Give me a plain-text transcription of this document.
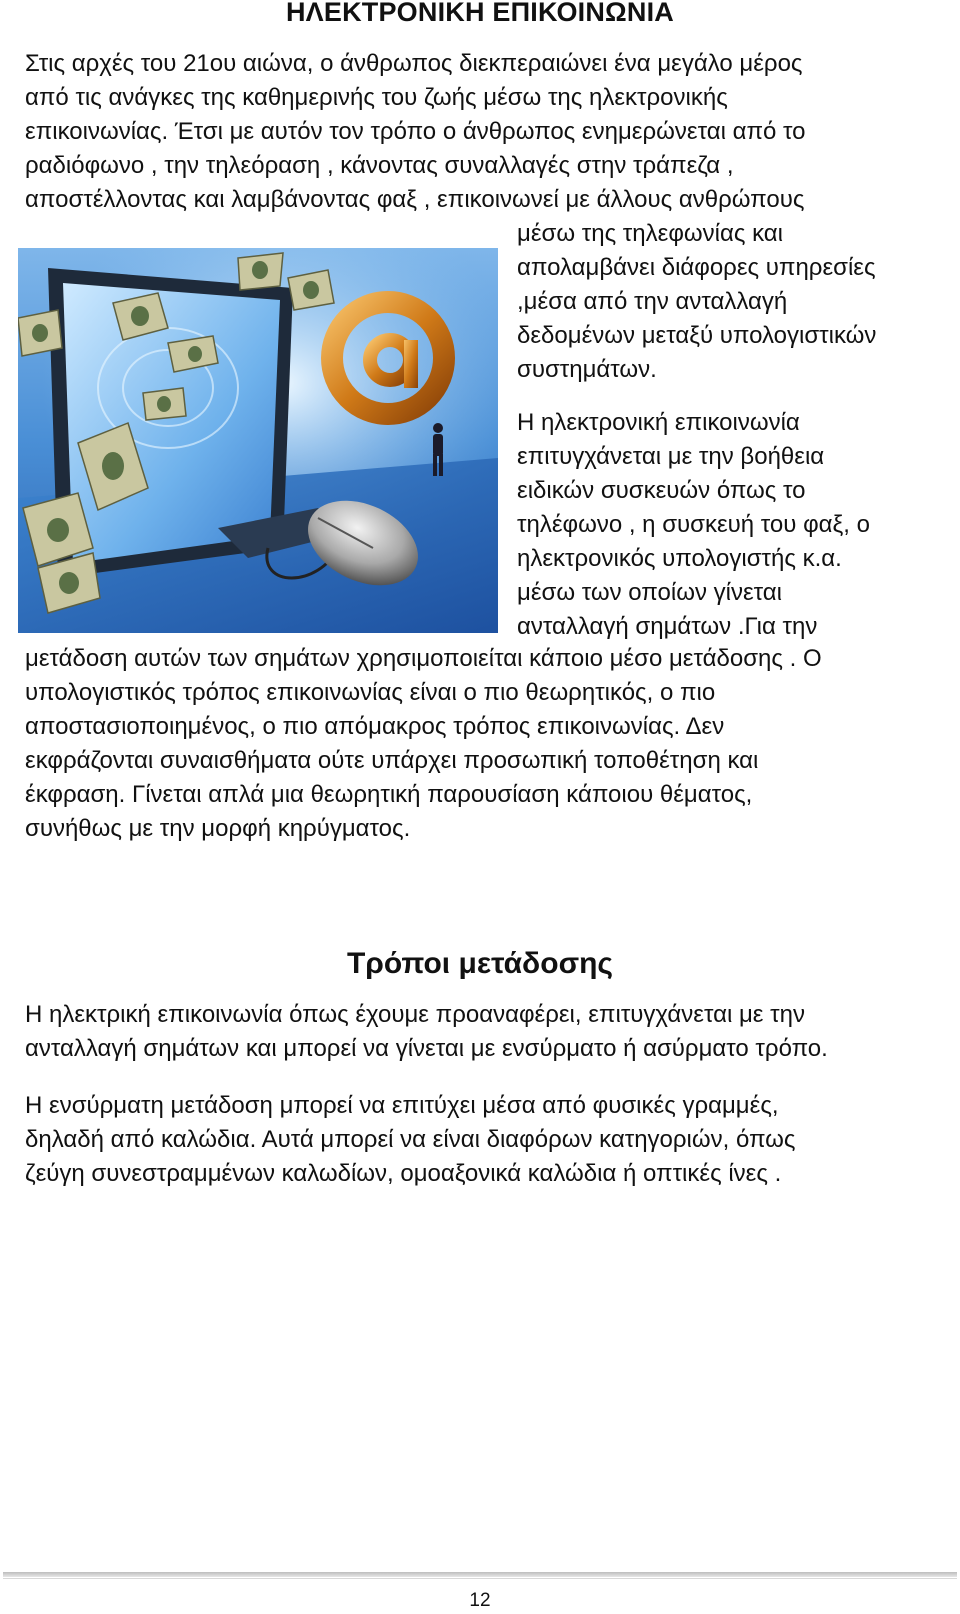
ΗΛΕΚΤΡΟΝΙΚΗ ΕΠΙΚΟΙΝΩΝΙΑ
Στις αρχές του 21ου αιώνα, ο άνθρωπος διεκπεραιώνει ένα μεγάλο μέρος
από τις ανάγκες της καθημερινής του ζωής μέσω της ηλεκτρονικής
επικοινωνίας. Έτσι με αυτόν τον τρόπο ο άνθρωπος ενημερώνεται από το
ραδιόφωνο , την τηλεόραση , κάνοντας συναλλαγές στην τράπεζα ,
αποστέλλοντας και λαμβάνοντας φαξ , επικοινωνεί με άλλους ανθρώπους
μέσω της τηλεφωνίας και
απολαμβάνει διάφορες υπηρεσίες
,μέσα από την ανταλλαγή
δεδομένων μεταξύ υπολογιστικών
συστημάτων.
Η ηλεκτρονική επικοινωνία
επιτυγχάνεται με την βοήθεια
ειδικών συσκευών όπως το
τηλέφωνο , η συσκευή του φαξ, ο
ηλεκτρονικός υπολογιστής κ.α.
μέσω των οποίων γίνεται
ανταλλαγή σημάτων .Για την
μετάδοση αυτών των σημάτων χρησιμοποιείται κάποιο μέσο μετάδοσης . Ο
υπολογιστικός τρόπος επικοινωνίας είναι ο πιο θεωρητικός, ο πιο
αποστασιοποιημένος, ο πιο απόμακρος τρόπος επικοινωνίας. Δεν
εκφράζονται συναισθήματα ούτε υπάρχει προσωπική τοποθέτηση και
έκφραση. Γίνεται απλά μια θεωρητική παρουσίαση κάποιου θέματος,
συνήθως με την μορφή κηρύγματος.
Τρόποι μετάδοσης
Η ηλεκτρική επικοινωνία όπως έχουμε προαναφέρει, επιτυγχάνεται με την
ανταλλαγή σημάτων και μπορεί να γίνεται με ενσύρματο ή ασύρματο τρόπο.
Η ενσύρματη μετάδοση μπορεί να επιτύχει μέσα από φυσικές γραμμές,
δηλαδή από καλώδια. Αυτά μπορεί να είναι διαφόρων κατηγοριών, όπως
ζεύγη συνεστραμμένων καλωδίων, ομοαξονικά καλώδια ή οπτικές ίνες .
12
